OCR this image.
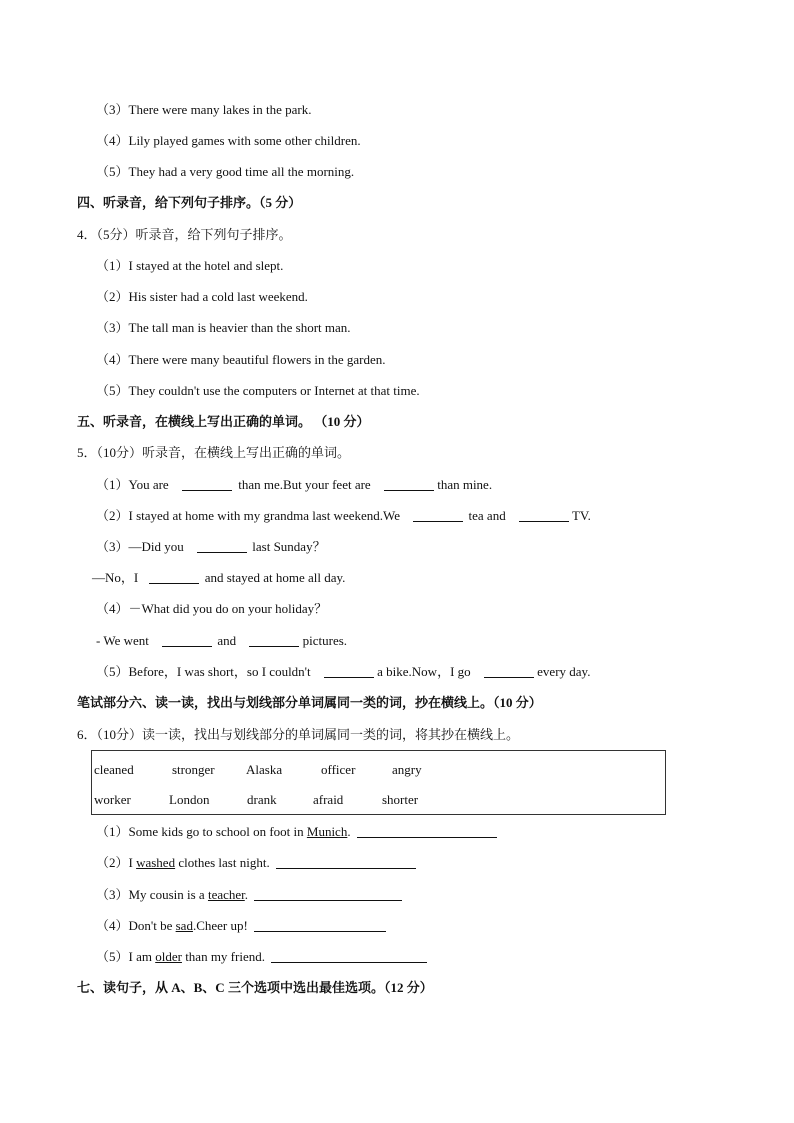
（3）There were many lakes in the park.
（4）Lily played games with some other children.
（5）They had a very good time all the morning.
四、听录音，给下列句子排序。（5 分）
4．（5分）听录音，给下列句子排序。
（1）I stayed at the hotel and slept.
（2）His sister had a cold last weekend.
（3）The tall man is heavier than the short man.
（4）There were many beautiful flowers in the garden.
（5）They couldn't use the computers or Internet at that time.
五、听录音，在横线上写出正确的单词。 （10 分）
5．（10分）听录音，在横线上写出正确的单词。
（1）You are	than me.But your feet are	than mine.
（2）I stayed at home with my grandma last weekend.We	tea and	TV.
（3）—Did you	last Sunday？
—No，I	and stayed at home all day.
（4）－What did you do on your holiday？
- We went	and	pictures.
（5）Before，I was short，so I couldn't	a bike.Now，I go	every day.
笔试部分六、读一读，找出与划线部分单词属同一类的词，抄在横线上。（10 分）
6．（10分）读一读，找出与划线部分的单词属同一类的词，将其抄在横线上。
cleaned	stronger Alaska	officer	angry
worker	London	drank	afraid	shorter
（1）Some kids go to school on foot in Munich.
（2）I washed clothes last night.
（3）My cousin is a teacher.
（4）Don't be sad.Cheer up!
（5）I am older than my friend.
七、读句子，从 A、B、C 三个选项中选出最佳选项。（12 分）
